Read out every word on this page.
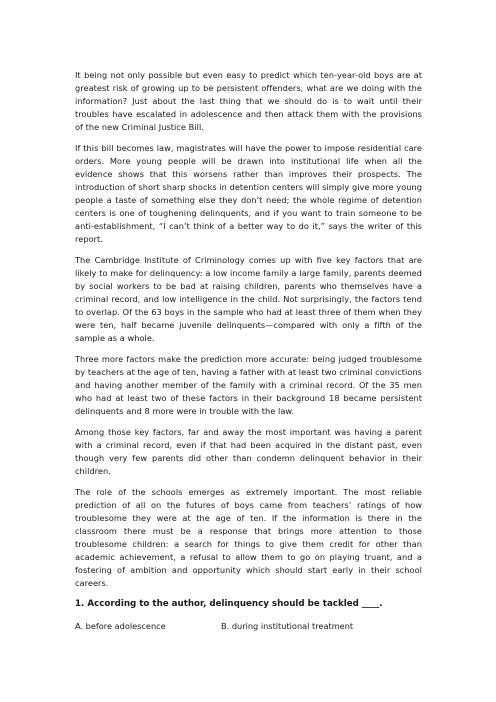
It being not only possible but even easy to predict which ten-year-old boys are at greatest risk of growing up to be persistent offenders, what are we doing with the information? Just about the last thing that we should do is to wait until their troubles have escalated in adolescence and then attack them with the provisions of the new Criminal Justice Bill.

If this bill becomes law, magistrates will have the power to impose residential care orders. More young people will be drawn into institutional life when all the evidence shows that this worsens rather than improves their prospects. The introduction of short sharp shocks in detention centers will simply give more young people a taste of something else they don’t need; the whole regime of detention centers is one of toughening delinquents, and if you want to train someone to be anti-establishment, “I can’t think of a better way to do it,” says the writer of this report.

The Cambridge Institute of Criminology comes up with five key factors that are likely to make for delinquency: a low income family a large family, parents deemed by social workers to be bad at raising children, parents who themselves have a criminal record, and low intelligence in the child. Not surprisingly, the factors tend to overlap. Of the 63 boys in the sample who had at least three of them when they were ten, half became juvenile delinquents—compared with only a fifth of the sample as a whole.

Three more factors make the prediction more accurate: being judged troublesome by teachers at the age of ten, having a father with at least two criminal convictions and having another member of the family with a criminal record. Of the 35 men who had at least two of these factors in their background 18 became persistent delinquents and 8 more were in trouble with the law.

Among those key factors, far and away the most important was having a parent with a criminal record, even if that had been acquired in the distant past, even though very few parents did other than condemn delinquent behavior in their children.

The role of the schools emerges as extremely important. The most reliable prediction of all on the futures of boys came from teachers’ ratings of how troublesome they were at the age of ten. If the information is there in the classroom there must be a response that brings more attention to those troublesome children: a search for things to give them credit for other than academic achievement, a refusal to allow them to go on playing truant, and a fostering of ambition and opportunity which should start early in their school careers.

1. According to the author, delinquency should be tackled ____.
A. before adolescence	B. during institutional treatment
